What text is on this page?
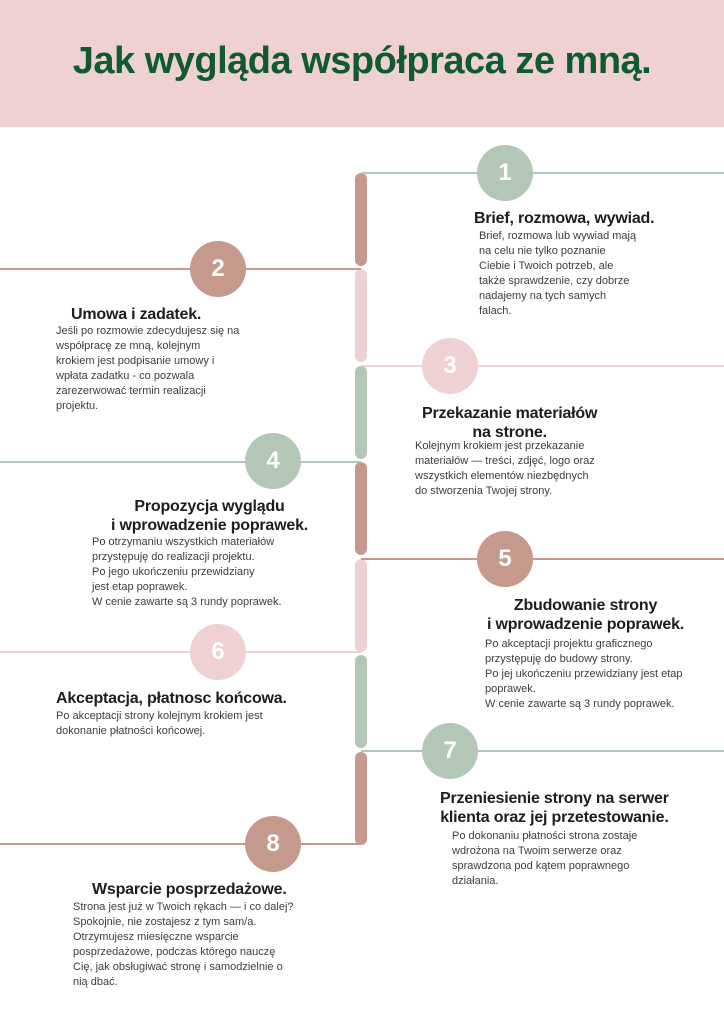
Jak wygląda współpraca ze mną.
1
2
3
4
5
6
7
8
Brief, rozmowa, wywiad.
Brief, rozmowa lub wywiad mają
na celu nie tylko poznanie
Ciebie i Twoich potrzeb, ale
także sprawdzenie, czy dobrze
nadajemy na tych samych
falach.
Umowa i zadatek.
Jeśli po rozmowie zdecydujesz się na
współpracę ze mną, kolejnym
krokiem jest podpisanie umowy i
wpłata zadatku - co pozwala
zarezerwować termin realizacji
projektu.	Przekazanie materiałów
na strone.
Kolejnym krokiem jest przekazanie
materiałów — treści, zdjęć, logo oraz
wszystkich elementów niezbędnych
do stworzenia Twojej strony.
Propozycja wyglądu
i wprowadzenie poprawek.
Po otrzymaniu wszystkich materiałów
przystępuję do realizacji projektu.
Po jego ukończeniu przewidziany
jest etap poprawek.
W cenie zawarte są 3 rundy poprawek.	Zbudowanie strony
i wprowadzenie poprawek.
Po akceptacji projektu graficznego
przystępuję do budowy strony.
Po jej ukończeniu przewidziany jest etap
poprawek.
W cenie zawarte są 3 rundy poprawek.
Akceptacja, płatnosc końcowa.
Po akceptacji strony kolejnym krokiem jest
dokonanie płatności końcowej.
Przeniesienie strony na serwer
klienta oraz jej przetestowanie.
Po dokonaniu płatności strona zostaje
wdrożona na Twoim serwerze oraz
sprawdzona pod kątem poprawnego
działania.
Wsparcie posprzedażowe.
Strona jest już w Twoich rękach — i co dalej?
Spokojnie, nie zostajesz z tym sam/a.
Otrzymujesz miesięczne wsparcie
posprzedażowe, podczas którego nauczę
Cię, jak obsługiwać stronę i samodzielnie o
nią dbać.
